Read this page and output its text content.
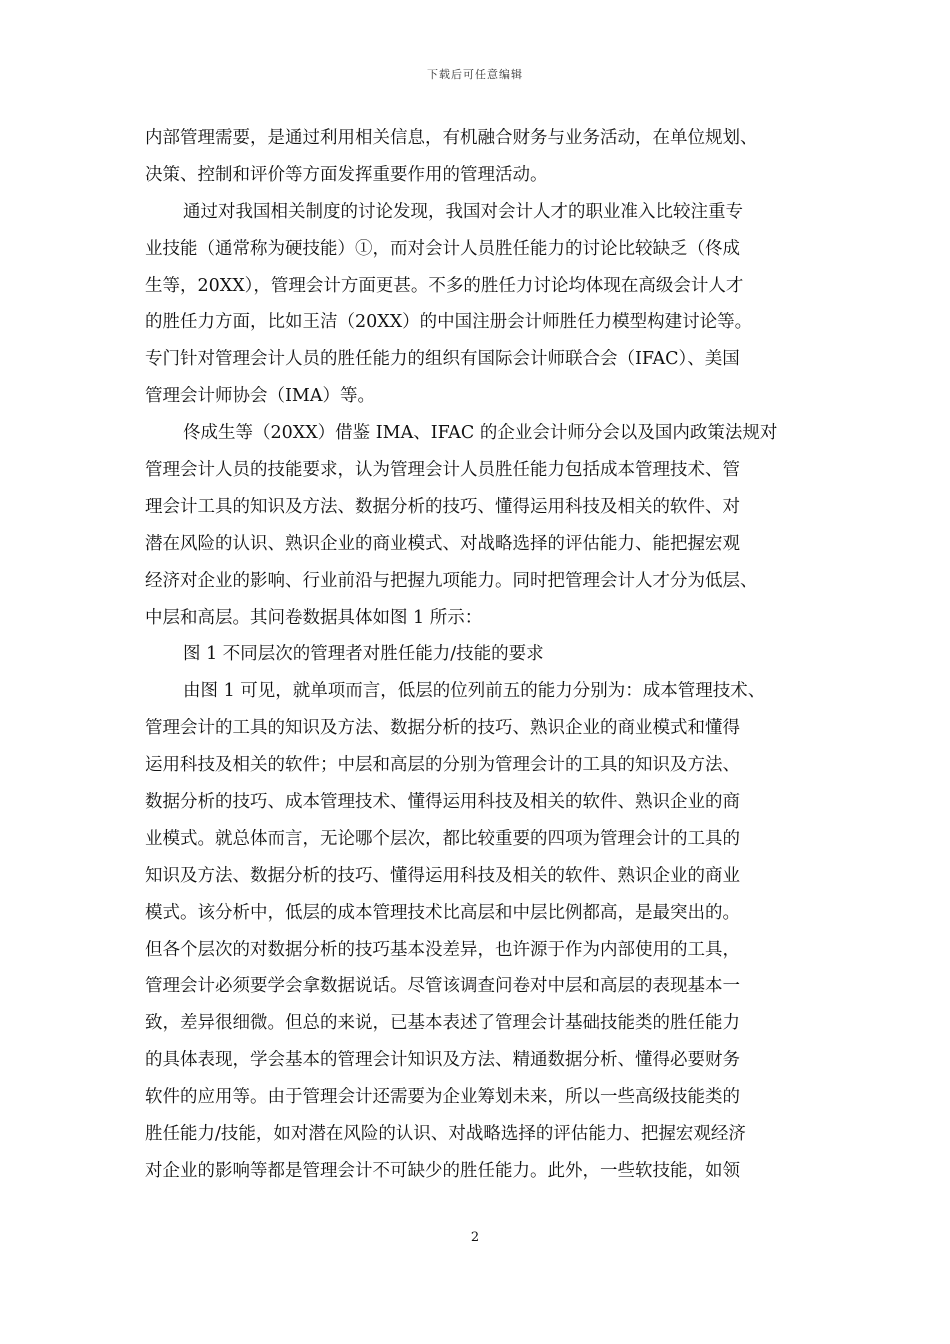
下载后可任意编辑
内部管理需要，是通过利用相关信息，有机融合财务与业务活动，在单位规划、
决策、控制和评价等方面发挥重要作用的管理活动。
通过对我国相关制度的讨论发现，我国对会计人才的职业准入比较注重专
业技能（通常称为硬技能）①，而对会计人员胜任能力的讨论比较缺乏（佟成
生等，20XX），管理会计方面更甚。不多的胜任力讨论均体现在高级会计人才
的胜任力方面，比如王洁（20XX）的中国注册会计师胜任力模型构建讨论等。
专门针对管理会计人员的胜任能力的组织有国际会计师联合会（IFAC）、美国
管理会计师协会（IMA）等。
佟成生等（20XX）借鉴 IMA、IFAC 的企业会计师分会以及国内政策法规对
管理会计人员的技能要求，认为管理会计人员胜任能力包括成本管理技术、管
理会计工具的知识及方法、数据分析的技巧、懂得运用科技及相关的软件、对
潜在风险的认识、熟识企业的商业模式、对战略选择的评估能力、能把握宏观
经济对企业的影响、行业前沿与把握九项能力。同时把管理会计人才分为低层、
中层和高层。其问卷数据具体如图 1 所示：
图 1 不同层次的管理者对胜任能力/技能的要求
由图 1 可见，就单项而言，低层的位列前五的能力分别为：成本管理技术、
管理会计的工具的知识及方法、数据分析的技巧、熟识企业的商业模式和懂得
运用科技及相关的软件；中层和高层的分别为管理会计的工具的知识及方法、
数据分析的技巧、成本管理技术、懂得运用科技及相关的软件、熟识企业的商
业模式。就总体而言，无论哪个层次，都比较重要的四项为管理会计的工具的
知识及方法、数据分析的技巧、懂得运用科技及相关的软件、熟识企业的商业
模式。该分析中，低层的成本管理技术比高层和中层比例都高，是最突出的。
但各个层次的对数据分析的技巧基本没差异，也许源于作为内部使用的工具，
管理会计必须要学会拿数据说话。尽管该调查问卷对中层和高层的表现基本一
致，差异很细微。但总的来说，已基本表述了管理会计基础技能类的胜任能力
的具体表现，学会基本的管理会计知识及方法、精通数据分析、懂得必要财务
软件的应用等。由于管理会计还需要为企业筹划未来，所以一些高级技能类的
胜任能力/技能，如对潜在风险的认识、对战略选择的评估能力、把握宏观经济
对企业的影响等都是管理会计不可缺少的胜任能力。此外，一些软技能，如领
2
